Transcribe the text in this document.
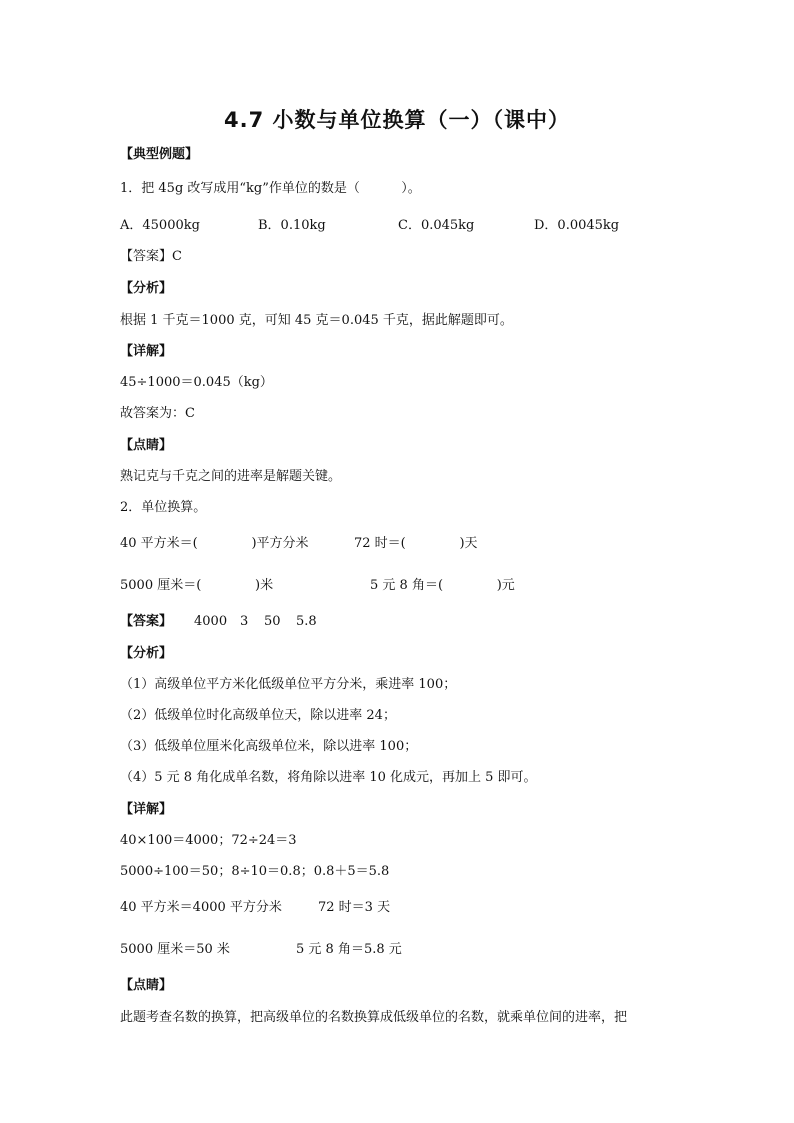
4.7 小数与单位换算（一）（课中）
【典型例题】
1．把 45g 改写成用“kg”作单位的数是（          ）。
A．45000kg	B．0.10kg	C．0.045kg	D．0.0045kg
【答案】C
【分析】
根据 1 千克＝1000 克，可知 45 克＝0.045 千克，据此解题即可。
【详解】
45÷1000＝0.045（kg）
故答案为：C
【点睛】
熟记克与千克之间的进率是解题关键。
2．单位换算。
40 平方米＝(             )平方分米	72 时＝(             )天
5000 厘米＝(             )米	5 元 8 角＝(             )元
【答案】 4000 3 50 5.8
【分析】
（1）高级单位平方米化低级单位平方分米，乘进率 100；
（2）低级单位时化高级单位天，除以进率 24；
（3）低级单位厘米化高级单位米，除以进率 100；
（4）5 元 8 角化成单名数，将角除以进率 10 化成元，再加上 5 即可。
【详解】
40×100＝4000；72÷24＝3
5000÷100＝50；8÷10＝0.8；0.8＋5＝5.8
40 平方米＝4000 平方分米	72 时＝3 天
5000 厘米＝50 米	5 元 8 角＝5.8 元
【点睛】
此题考查名数的换算，把高级单位的名数换算成低级单位的名数，就乘单位间的进率，把
